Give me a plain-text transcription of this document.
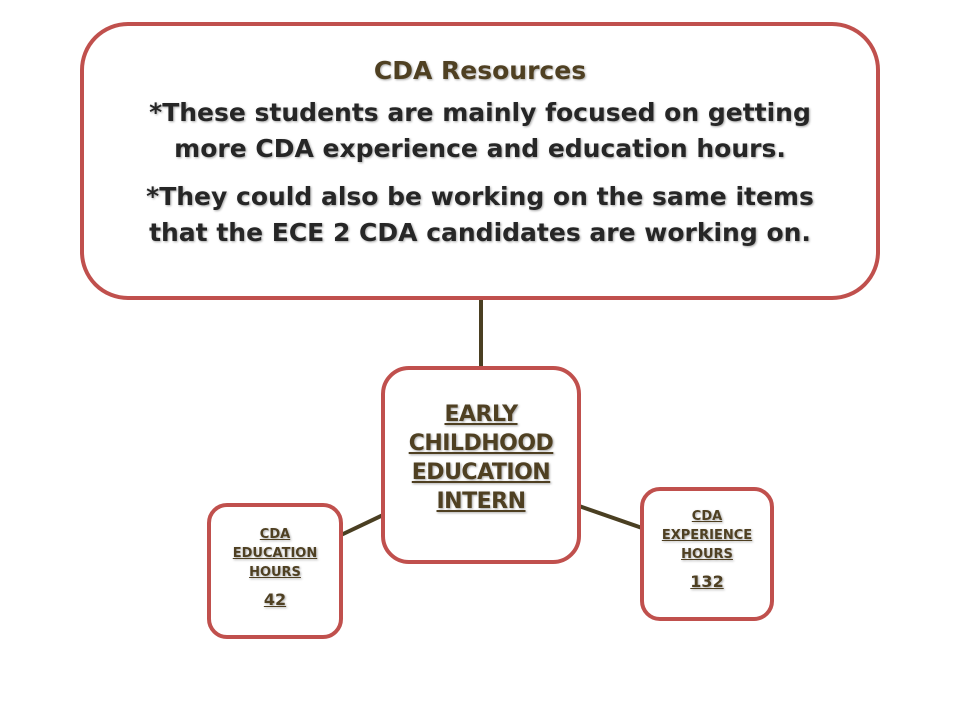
CDA Resources
*These students are mainly focused on getting more CDA experience and education hours.
*They could also be working on the same items that the ECE 2 CDA candidates are working on.
EARLY
CHILDHOOD
EDUCATION
INTERN
CDA
EDUCATION
HOURS
42
CDA
EXPERIENCE
HOURS
132
